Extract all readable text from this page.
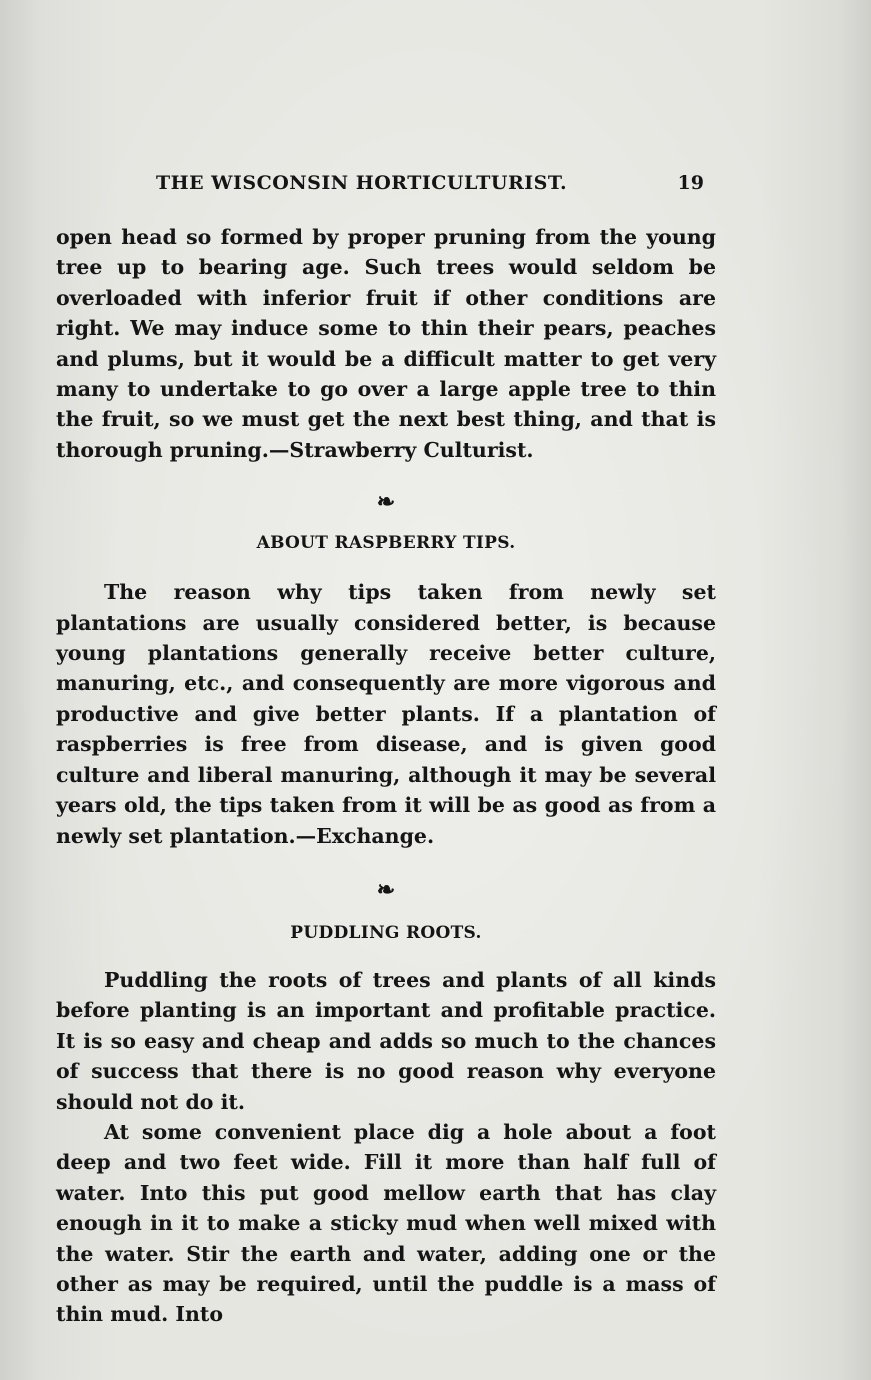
THE WISCONSIN HORTICULTURIST.	19

open head so formed by proper pruning from the young tree up to bearing age. Such trees would seldom be overloaded with inferior fruit if other conditions are right. We may induce some to thin their pears, peaches and plums, but it would be a difficult matter to get very many to undertake to go over a large apple tree to thin the fruit, so we must get the next best thing, and that is thorough pruning.—Strawberry Culturist.

❧
ABOUT RASPBERRY TIPS.

The reason why tips taken from newly set plantations are usually considered better, is because young plantations generally receive better culture, manuring, etc., and consequently are more vigorous and productive and give better plants. If a plantation of raspberries is free from disease, and is given good culture and liberal manuring, although it may be several years old, the tips taken from it will be as good as from a newly set plantation.—Exchange.

❧
PUDDLING ROOTS.

Puddling the roots of trees and plants of all kinds before planting is an important and profitable practice. It is so easy and cheap and adds so much to the chances of success that there is no good reason why everyone should not do it.

At some convenient place dig a hole about a foot deep and two feet wide. Fill it more than half full of water. Into this put good mellow earth that has clay enough in it to make a sticky mud when well mixed with the water. Stir the earth and water, adding one or the other as may be required, until the puddle is a mass of thin mud. Into
